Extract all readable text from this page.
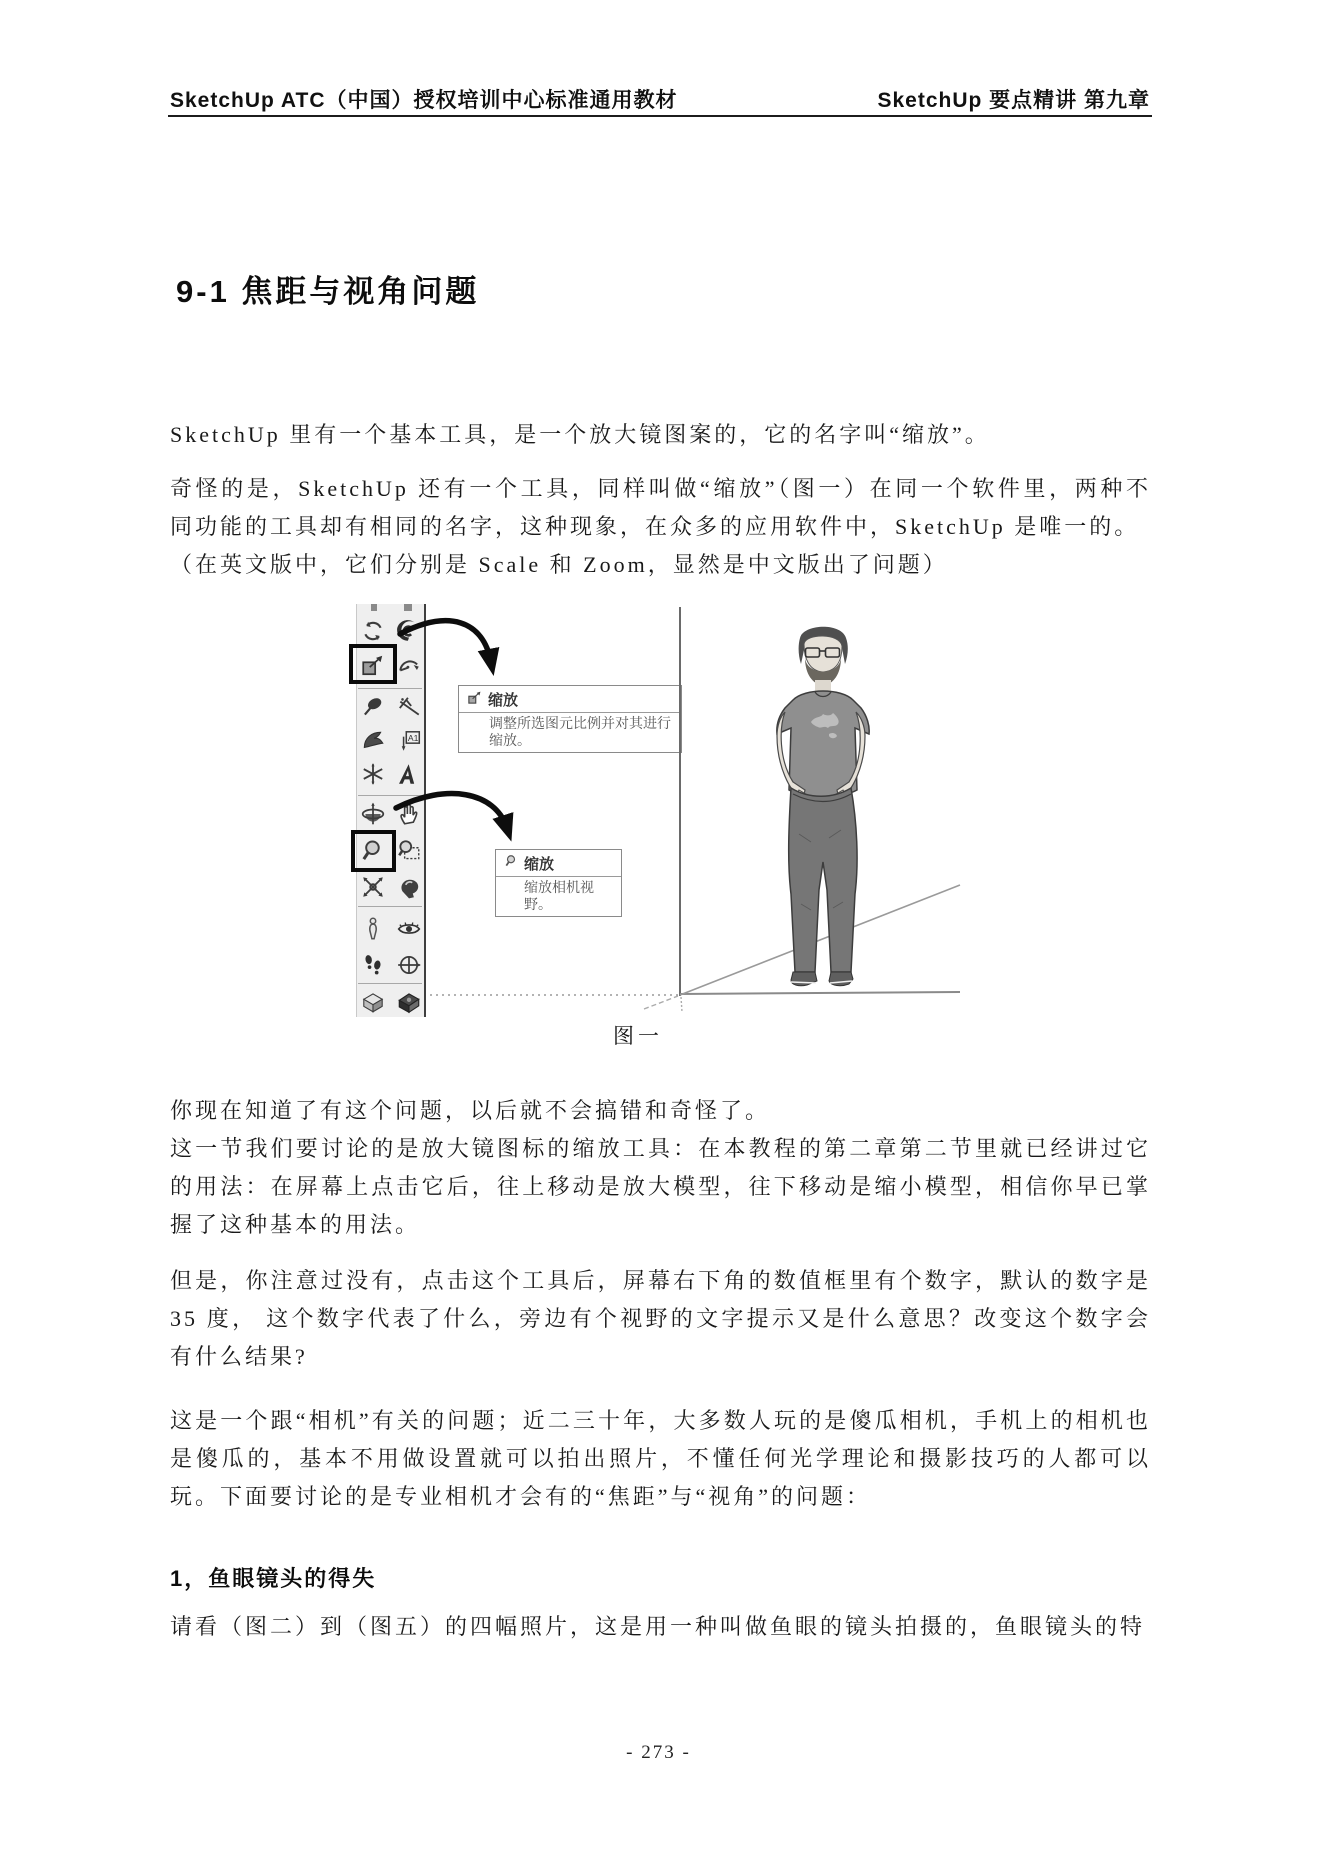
SketchUp ATC（中国）授权培训中心标准通用教材	SketchUp 要点精讲 第九章
9-1 焦距与视角问题
SketchUp 里有一个基本工具，是一个放大镜图案的，它的名字叫“缩放”。
奇怪的是，SketchUp 还有一个工具，同样叫做“缩放”（图一）在同一个软件里，两种不同功能的工具却有相同的名字，这种现象，在众多的应用软件中，SketchUp 是唯一的。
（在英文版中，它们分别是 Scale 和 Zoom，显然是中文版出了问题）
A1
缩放
调整所选图元比例并对其进行缩放。
缩放
缩放相机视野。
图一
你现在知道了有这个问题，以后就不会搞错和奇怪了。
这一节我们要讨论的是放大镜图标的缩放工具：在本教程的第二章第二节里就已经讲过它的用法：在屏幕上点击它后，往上移动是放大模型，往下移动是缩小模型，相信你早已掌握了这种基本的用法。
但是，你注意过没有，点击这个工具后，屏幕右下角的数值框里有个数字，默认的数字是 35 度， 这个数字代表了什么，旁边有个视野的文字提示又是什么意思？改变这个数字会有什么结果?
这是一个跟“相机”有关的问题；近二三十年，大多数人玩的是傻瓜相机，手机上的相机也是傻瓜的，基本不用做设置就可以拍出照片，不懂任何光学理论和摄影技巧的人都可以玩。下面要讨论的是专业相机才会有的“焦距”与“视角”的问题：
1，鱼眼镜头的得失
请看（图二）到（图五）的四幅照片，这是用一种叫做鱼眼的镜头拍摄的，鱼眼镜头的特
- 273 -
